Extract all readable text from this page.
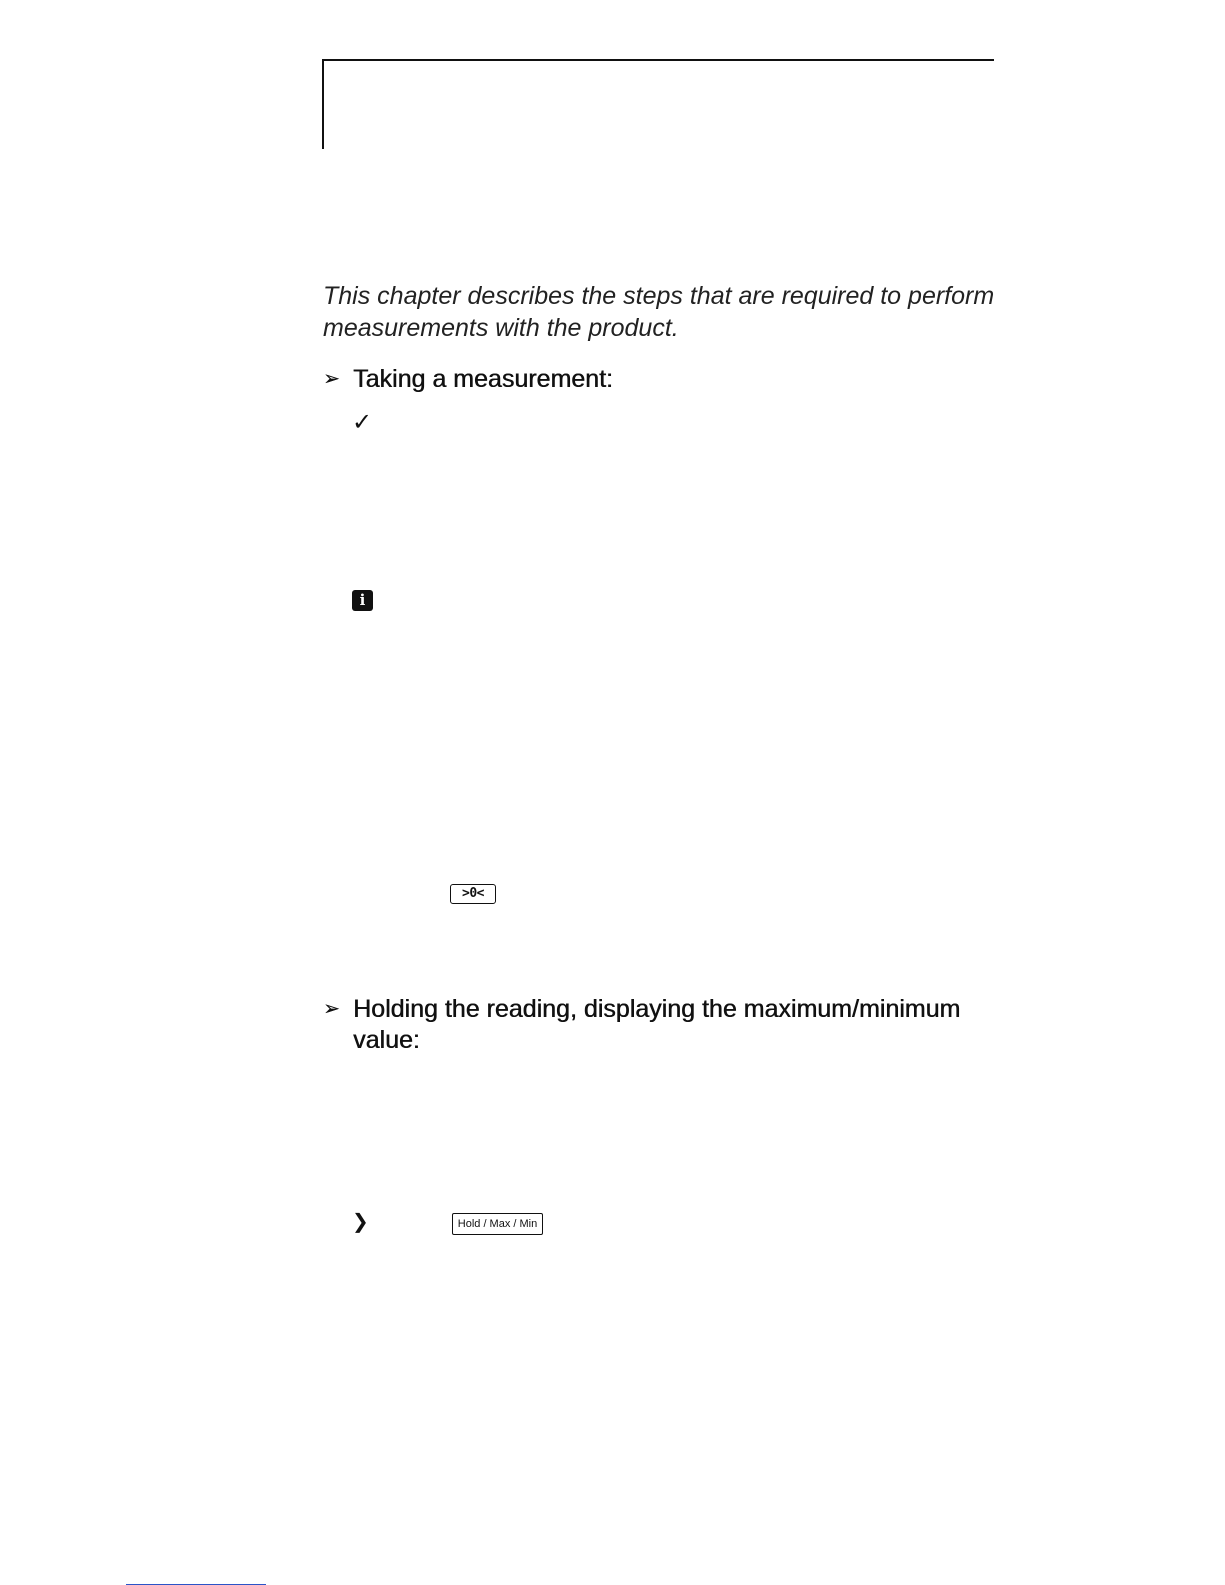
This chapter describes the steps that are required to perform measurements with the product.

➢ Taking a measurement:
✓
i
>0<
➢ Holding the reading, displaying the maximum/minimum value:
❯	Hold / Max / Min
